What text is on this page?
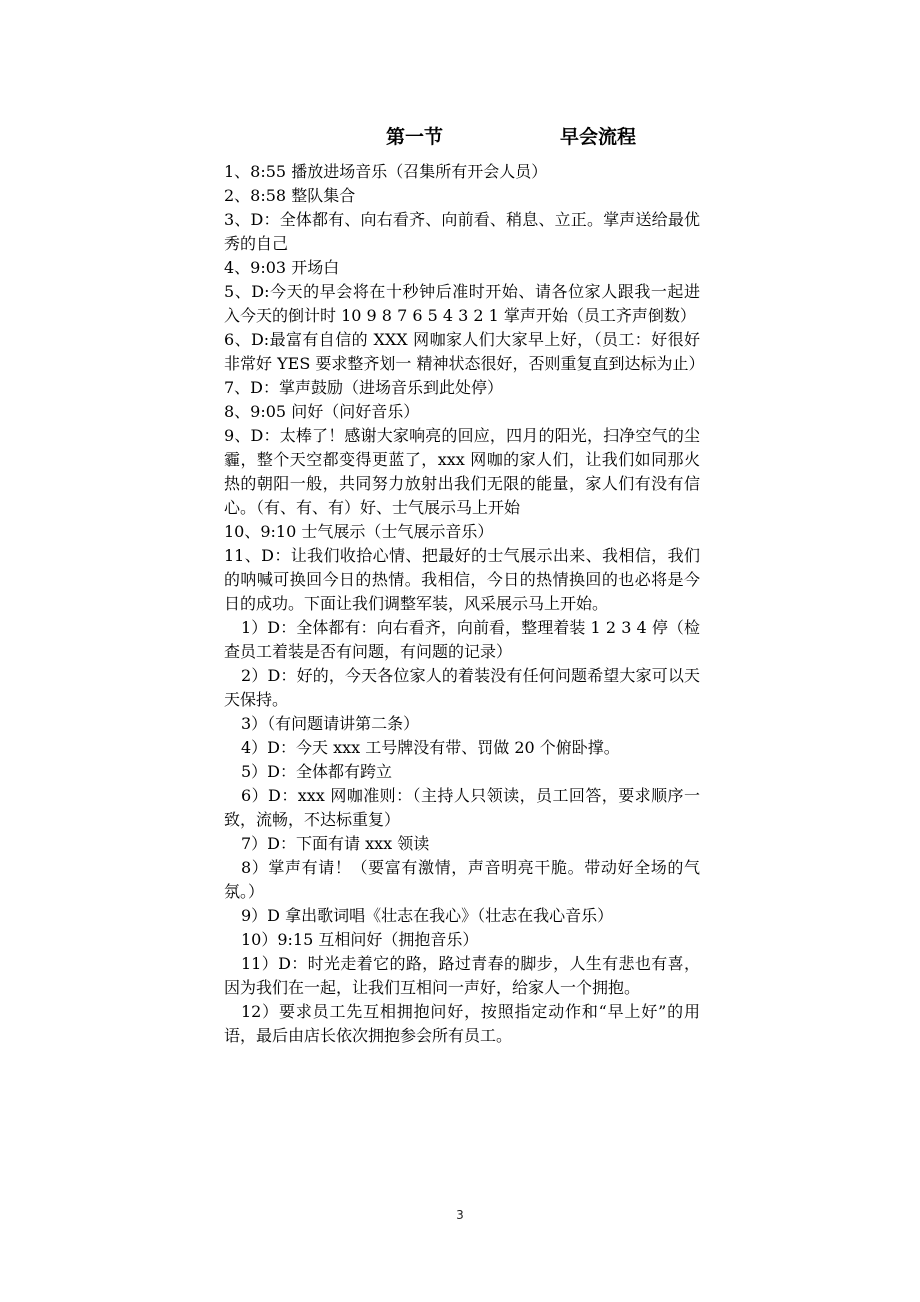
第一节	早会流程

1、8:55 播放进场音乐（召集所有开会人员）

2、8:58 整队集合

3、D：全体都有、向右看齐、向前看、稍息、立正。掌声送给最优秀的自己

4、9:03 开场白

5、D:今天的早会将在十秒钟后准时开始、请各位家人跟我一起进入今天的倒计时 10 9 8 7 6 5 4 3 2 1 掌声开始（员工齐声倒数）

6、D:最富有自信的 XXX 网咖家人们大家早上好，（员工：好很好 非常好 YES 要求整齐划一 精神状态很好，否则重复直到达标为止）

7、D：掌声鼓励（进场音乐到此处停）

8、9:05 问好（问好音乐）

9、D：太棒了！感谢大家响亮的回应，四月的阳光，扫净空气的尘霾，整个天空都变得更蓝了，xxx 网咖的家人们，让我们如同那火热的朝阳一般，共同努力放射出我们无限的能量，家人们有没有信心。（有、有、有）好、士气展示马上开始

10、9:10 士气展示（士气展示音乐）

11、D：让我们收拾心情、把最好的士气展示出来、我相信，我们的呐喊可换回今日的热情。我相信，今日的热情换回的也必将是今日的成功。下面让我们调整军装，风采展示马上开始。

1）D：全体都有：向右看齐，向前看，整理着装 1 2 3 4 停（检查员工着装是否有问题，有问题的记录）

2）D：好的，今天各位家人的着装没有任何问题希望大家可以天天保持。

3）（有问题请讲第二条）

4）D：今天 xxx 工号牌没有带、罚做 20 个俯卧撑。

5）D：全体都有跨立

6）D：xxx 网咖准则：（主持人只领读，员工回答，要求顺序一致，流畅，不达标重复）

7）D：下面有请 xxx 领读

8）掌声有请！（要富有激情，声音明亮干脆。带动好全场的气氛。）

9）D 拿出歌词唱《壮志在我心》（壮志在我心音乐）

10）9:15 互相问好（拥抱音乐）

11）D：时光走着它的路，路过青春的脚步，人生有悲也有喜，因为我们在一起，让我们互相问一声好，给家人一个拥抱。

12）要求员工先互相拥抱问好，按照指定动作和“早上好”的用语，最后由店长依次拥抱参会所有员工。

3
